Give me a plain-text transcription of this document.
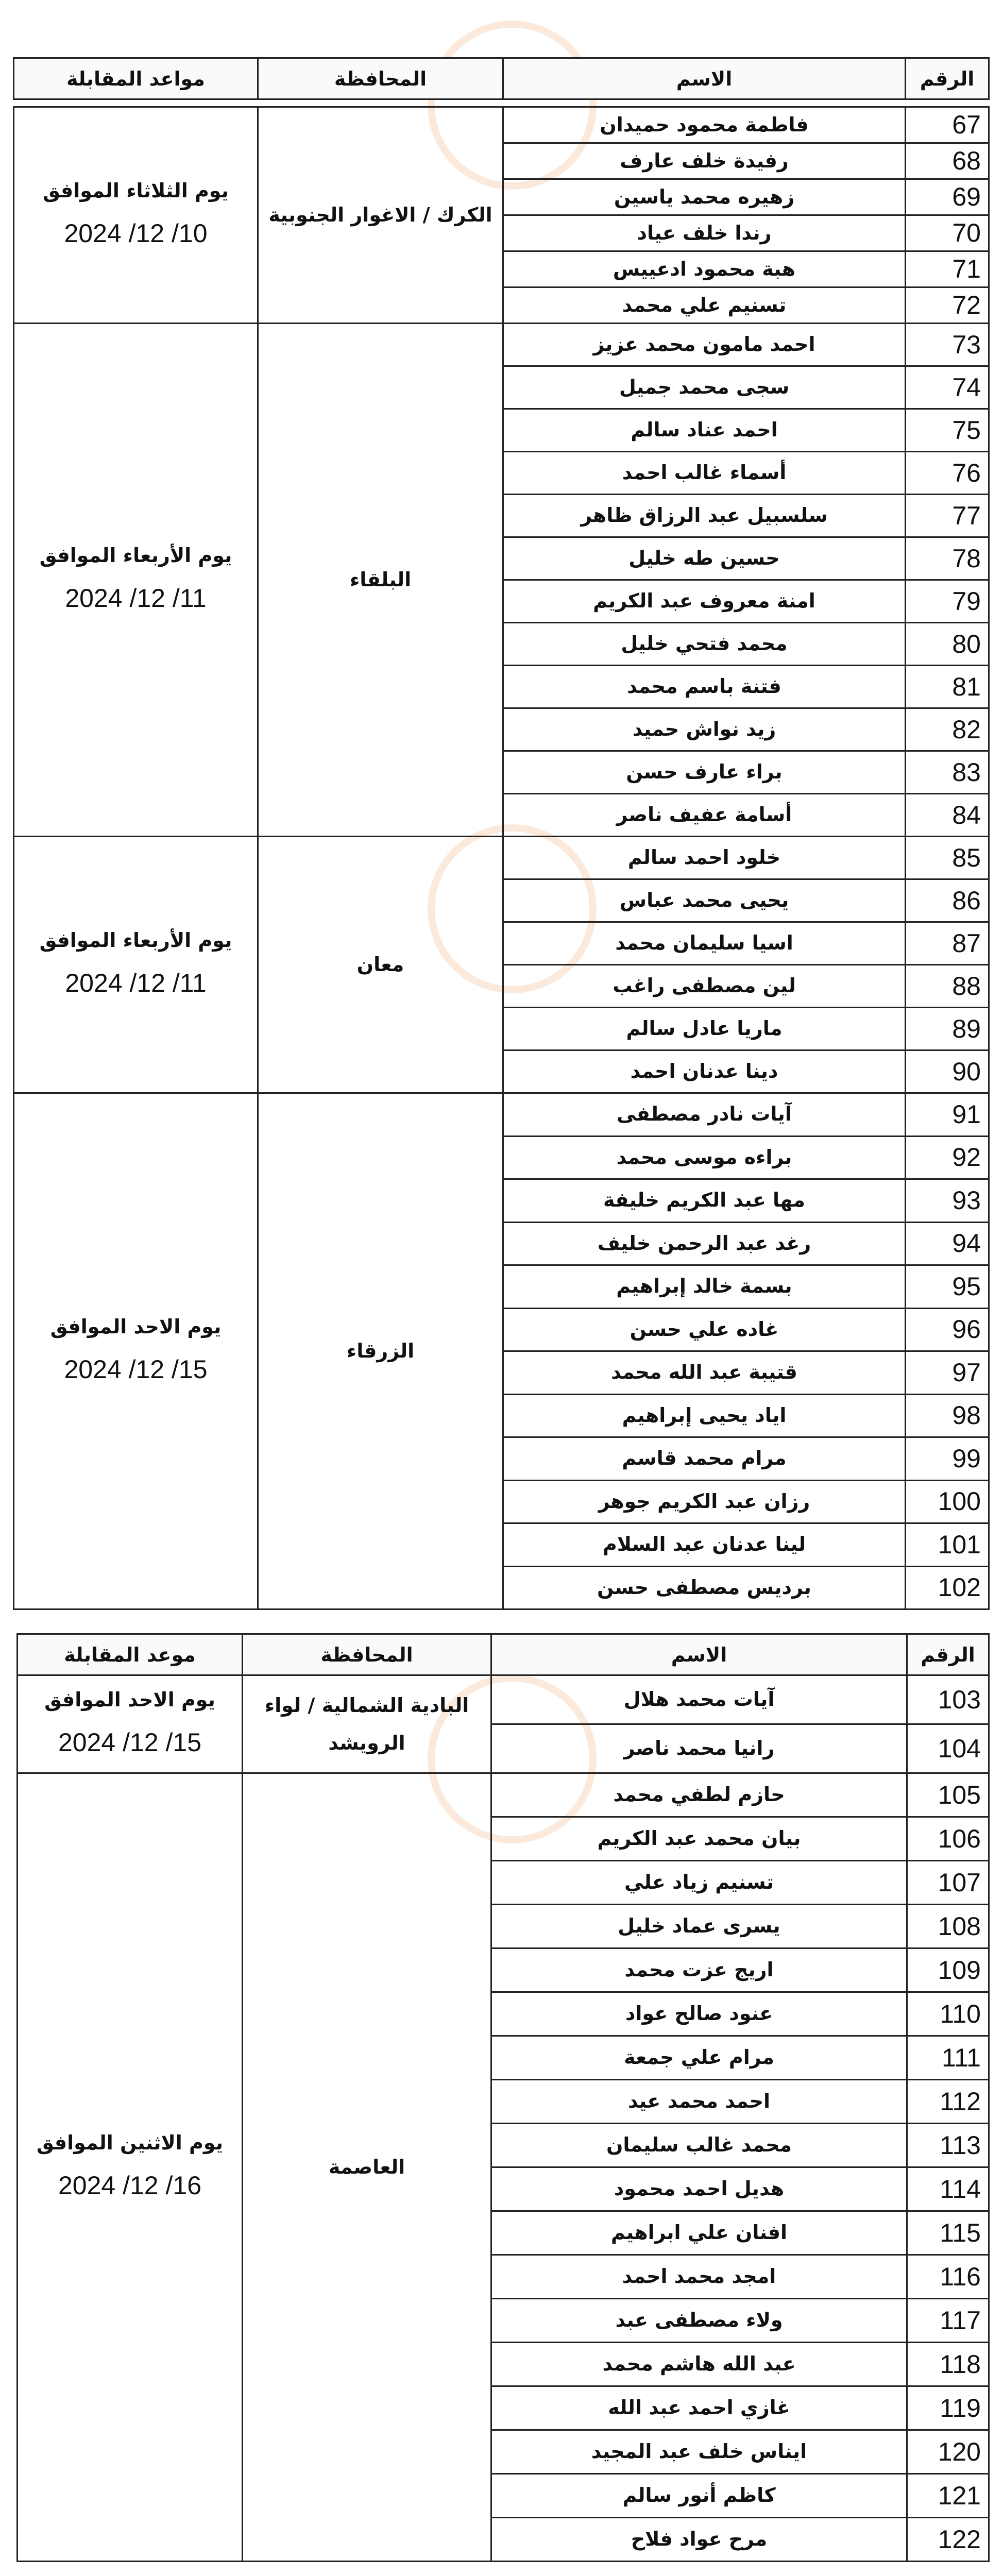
الرقم	الاسم	المحافظة	مواعد المقابلة

67	فاطمة محمود حميدان	الكرك / الاغوار الجنوبية	يوم الثلاثاء الموافق
2024 /12 /10

68	رفيدة خلف عارف		
69	زهيره محمد ياسين		
70	رندا خلف عياد		
71	هبة محمود ادعييس		
72	تسنيم علي محمد		
73	احمد مامون محمد عزيز	البلقاء	يوم الأربعاء الموافق
2024 /12 /11

74	سجى محمد جميل		
75	احمد عناد سالم		
76	أسماء غالب احمد		
77	سلسبيل عبد الرزاق ظاهر		
78	حسين طه خليل		
79	امنة معروف عبد الكريم		
80	محمد فتحي خليل		
81	فتنة باسم محمد		
82	زيد نواش حميد		
83	براء عارف حسن		
84	أسامة عفيف ناصر		
85	خلود احمد سالم	معان	يوم الأربعاء الموافق
2024 /12 /11

86	يحيى محمد عباس		
87	اسيا سليمان محمد		
88	لين مصطفى راغب		
89	ماريا عادل سالم		
90	دينا عدنان احمد		
91	آيات نادر مصطفى	الزرقاء	يوم الاحد الموافق
2024 /12 /15

92	براءه موسى محمد		
93	مها عبد الكريم خليفة		
94	رغد عبد الرحمن خليف		
95	بسمة خالد إبراهيم		
96	غاده علي حسن		
97	قتيبة عبد الله محمد		
98	اياد يحيى إبراهيم		
99	مرام محمد قاسم		
100	رزان عبد الكريم جوهر		
101	لينا عدنان عبد السلام		
102	برديس مصطفى حسن		
الرقم	الاسم	المحافظة	موعد المقابلة
103	آيات محمد هلال	البادية الشمالية / لواء الرويشد	يوم الاحد الموافق
2024 /12 /15

104	رانيا محمد ناصر		
105	حازم لطفي محمد	العاصمة	يوم الاثنين الموافق
2024 /12 /16

106	بيان محمد عبد الكريم		
107	تسنيم زياد علي		
108	يسرى عماد خليل		
109	اريج عزت محمد		
110	عنود صالح عواد		
111	مرام علي جمعة		
112	احمد محمد عيد		
113	محمد غالب سليمان		
114	هديل احمد محمود		
115	افنان علي ابراهيم		
116	امجد محمد احمد		
117	ولاء مصطفى عبد		
118	عبد الله هاشم محمد		
119	غازي احمد عبد الله		
120	ايناس خلف عبد المجيد		
121	كاظم أنور سالم		
122	مرح عواد فلاح		
